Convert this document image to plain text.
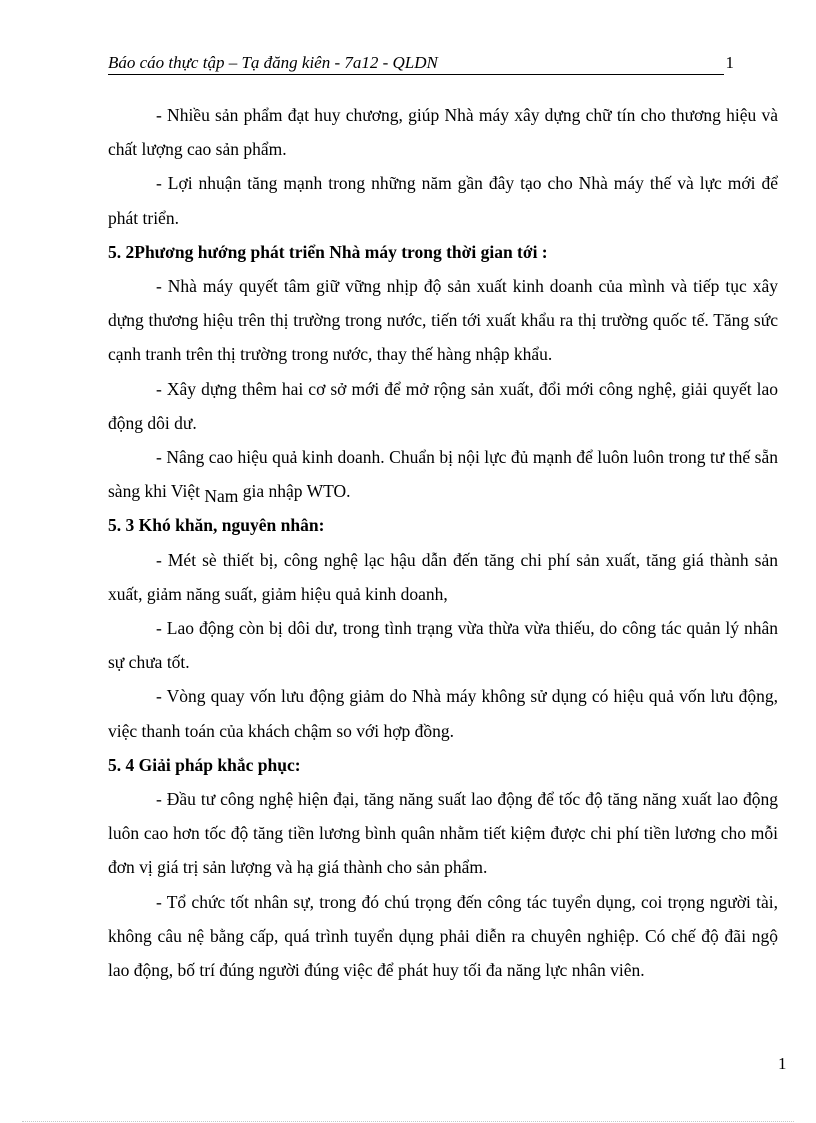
Báo cáo thực tập – Tạ đăng kiên - 7a12 - QLDN	1

- Nhiều sản phẩm đạt huy chương, giúp Nhà máy xây dựng chữ tín cho thương hiệu và chất lượng cao sản phẩm.

- Lợi nhuận tăng mạnh trong những năm gần đây tạo cho Nhà máy thế và lực mới để phát triển.

5. 2Phương hướng phát triển Nhà máy trong thời gian tới :

- Nhà máy quyết tâm giữ vững nhịp độ sản xuất kinh doanh của mình và tiếp tục xây dựng thương hiệu trên thị trường trong nước, tiến tới xuất khẩu ra thị trường quốc tế. Tăng sức cạnh tranh trên thị trường trong nước, thay thế hàng nhập khẩu.

- Xây dựng thêm hai cơ sở mới để mở rộng sản xuất, đổi mới công nghệ, giải quyết lao động dôi dư.

- Nâng cao hiệu quả kinh doanh. Chuẩn bị nội lực đủ mạnh để luôn luôn trong tư thế sẵn sàng khi Việt Nam gia nhập WTO.

5. 3 Khó khăn, nguyên nhân:

- Mét sè thiết bị, công nghệ lạc hậu dẫn đến tăng chi phí sản xuất, tăng giá thành sản xuất, giảm năng suất, giảm hiệu quả kinh doanh,

- Lao động còn bị dôi dư, trong tình trạng vừa thừa vừa thiếu, do công tác quản lý nhân sự chưa tốt.

- Vòng quay vốn lưu động giảm do Nhà máy không sử dụng có hiệu quả vốn lưu động, việc thanh toán của khách chậm so với hợp đồng.

5. 4 Giải pháp khắc phục:

- Đầu tư công nghệ hiện đại, tăng năng suất lao động để tốc độ tăng năng xuất lao động luôn cao hơn tốc độ tăng tiền lương bình quân nhằm tiết kiệm được chi phí tiền lương cho mỗi đơn vị giá trị sản lượng và hạ giá thành cho sản phẩm.

- Tổ chức tốt nhân sự, trong đó chú trọng đến công tác tuyển dụng, coi trọng người tài, không câu nệ bằng cấp, quá trình tuyển dụng phải diễn ra chuyên nghiệp. Có chế độ đãi ngộ lao động, bố trí đúng người đúng việc để phát huy tối đa năng lực nhân viên.

1
